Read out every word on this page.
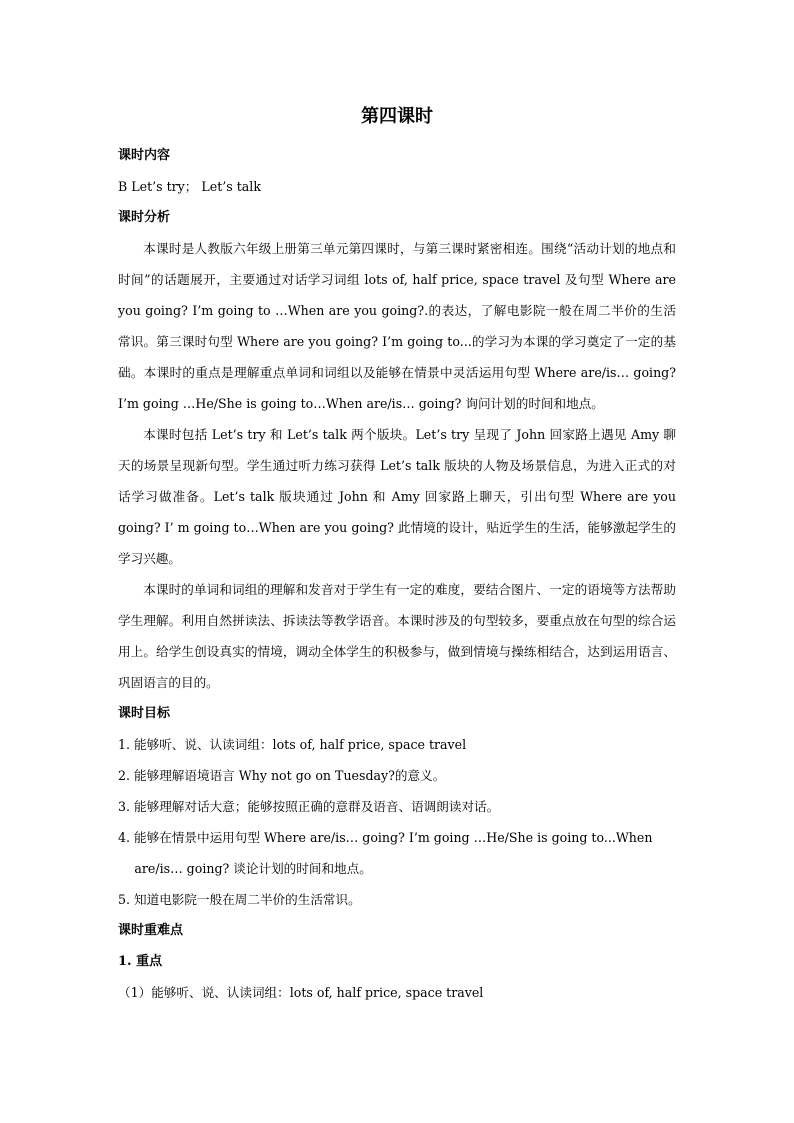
第四课时

课时内容

B Let’s try； Let’s talk

课时分析

本课时是人教版六年级上册第三单元第四课时，与第三课时紧密相连。围绕“活动计划的地点和时间”的话题展开，主要通过对话学习词组 lots of, half price, space travel 及句型 Where are you going? I’m going to …When are you going?.的表达，了解电影院一般在周二半价的生活常识。第三课时句型 Where are you going? I’m going to...的学习为本课的学习奠定了一定的基础。本课时的重点是理解重点单词和词组以及能够在情景中灵活运用句型 Where are/is… going? I’m going …He/She is going to…When are/is… going? 询问计划的时间和地点。

本课时包括 Let’s try 和 Let’s talk 两个版块。Let’s try 呈现了 John 回家路上遇见 Amy 聊天的场景呈现新句型。学生通过听力练习获得 Let’s talk 版块的人物及场景信息，为进入正式的对话学习做准备。Let’s talk 版块通过 John 和 Amy 回家路上聊天，引出句型 Where are you going? I’ m going to…When are you going? 此情境的设计，贴近学生的生活，能够激起学生的学习兴趣。

本课时的单词和词组的理解和发音对于学生有一定的难度，要结合图片、一定的语境等方法帮助学生理解。利用自然拼读法、拆读法等教学语音。本课时涉及的句型较多，要重点放在句型的综合运用上。给学生创设真实的情境，调动全体学生的积极参与，做到情境与操练相结合，达到运用语言、巩固语言的目的。

课时目标

1. 能够听、说、认读词组：lots of, half price, space travel

2. 能够理解语境语言 Why not go on Tuesday?的意义。

3. 能够理解对话大意；能够按照正确的意群及语音、语调朗读对话。

4. 能够在情景中运用句型 Where are/is… going? I’m going …He/She is going to...When are/is… going? 谈论计划的时间和地点。

5. 知道电影院一般在周二半价的生活常识。

课时重难点

1. 重点

（1）能够听、说、认读词组：lots of, half price, space travel
